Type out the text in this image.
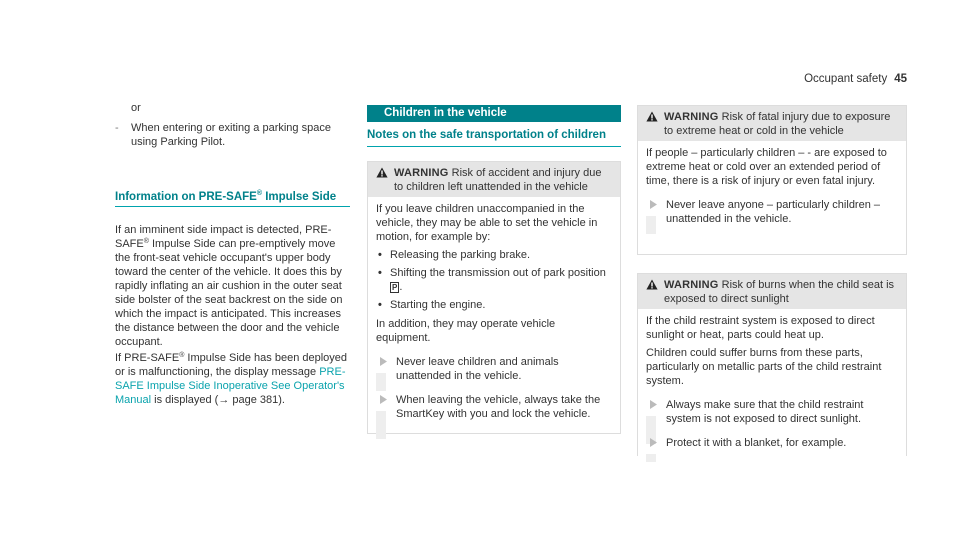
Occupant safety 45

or

-	When entering or exiting a parking space using Parking Pilot.
Information on PRE-SAFE® Impulse Side

If an imminent side impact is detected, PRE-SAFE® Impulse Side can pre-emptively move the front-seat vehicle occupant's upper body toward the center of the vehicle. It does this by rapidly inflating an air cushion in the outer seat side bolster of the seat backrest on the side on which the impact is anticipated. This increases the distance between the door and the vehicle occupant.

If PRE-SAFE® Impulse Side has been deployed or is malfunctioning, the display message PRE-SAFE Impulse Side Inoperative See Operator's Manual is displayed (→ page 381).

Children in the vehicle
Notes on the safe transportation of children
WARNING Risk of accident and injury due to children left unattended in the vehicle

If you leave children unaccompanied in the vehicle, they may be able to set the vehicle in motion, for example by:

• Releasing the parking brake.
• Shifting the transmission out of park position P .
• Starting the engine.

In addition, they may operate vehicle equipment.

Never leave children and animals unattended in the vehicle.
When leaving the vehicle, always take the SmartKey with you and lock the vehicle.
WARNING Risk of fatal injury due to exposure to extreme heat or cold in the vehicle

If people – particularly children – - are exposed to extreme heat or cold over an extended period of time, there is a risk of injury or even fatal injury.

Never leave anyone – particularly children – unattended in the vehicle.
WARNING Risk of burns when the child seat is exposed to direct sunlight

If the child restraint system is exposed to direct sunlight or heat, parts could heat up.

Children could suffer burns from these parts, particularly on metallic parts of the child restraint system.

Always make sure that the child restraint system is not exposed to direct sunlight.
Protect it with a blanket, for example.
